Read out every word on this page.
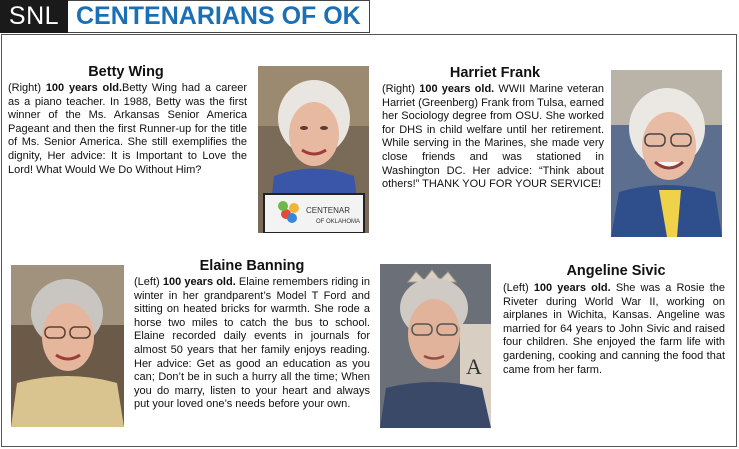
SNL CENTENARIANS OF OK
Betty Wing
(Right) 100 years old.Betty Wing had a career as a piano teacher. In 1988, Betty was the first winner of the Ms. Arkansas Senior America Pageant and then the first Runner-up for the title of Ms. Senior America. She still exemplifies the dignity, Her advice: It is Important to Love the Lord! What Would We Do Without Him?
CENTENAR
OF OKLAHOMA
Harriet Frank
(Right) 100 years old. WWII Marine veteran Harriet (Greenberg) Frank from Tulsa, earned her Sociology degree from OSU. She worked for DHS in child welfare until her retirement. While serving in the Marines, she made very close friends and was stationed in Washington DC. Her advice: “Think about others!” THANK YOU FOR YOUR SERVICE!
Elaine Banning
(Left) 100 years old. Elaine remembers riding in winter in her grandparent’s Model T Ford and sitting on heated bricks for warmth. She rode a horse two miles to catch the bus to school. Elaine recorded daily events in journals for almost 50 years that her family enjoys reading. Her advice: Get as good an education as you can; Don’t be in such a hurry all the time; When you do marry, listen to your heart and always put your loved one’s needs before your own.
A
Angeline Sivic
(Left) 100 years old. She was a Rosie the Riveter during World War II, working on airplanes in Wichita, Kansas. Angeline was married for 64 years to John Sivic and raised four children. She enjoyed the farm life with gardening, cooking and canning the food that came from her farm.
